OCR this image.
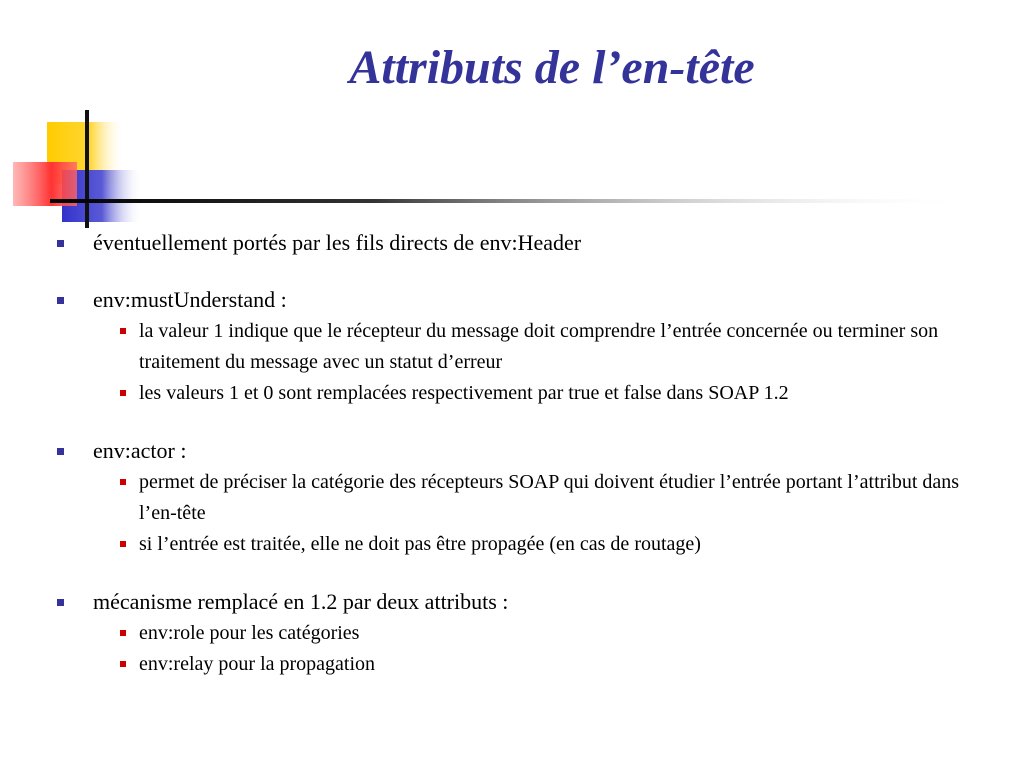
Attributs de l’en-tête
éventuellement portés par les fils directs de env:Header
env:mustUnderstand :
la valeur 1 indique que le récepteur du message doit comprendre l’entrée concernée ou terminer son traitement du message avec un statut d’erreur
les valeurs 1 et 0 sont remplacées respectivement par true et false dans SOAP 1.2
env:actor :
permet de préciser la catégorie des récepteurs SOAP qui doivent étudier l’entrée portant l’attribut dans l’en-tête
si l’entrée est traitée, elle ne doit pas être propagée (en cas de routage)
mécanisme remplacé en 1.2 par deux attributs :
env:role pour les catégories
env:relay pour la propagation
